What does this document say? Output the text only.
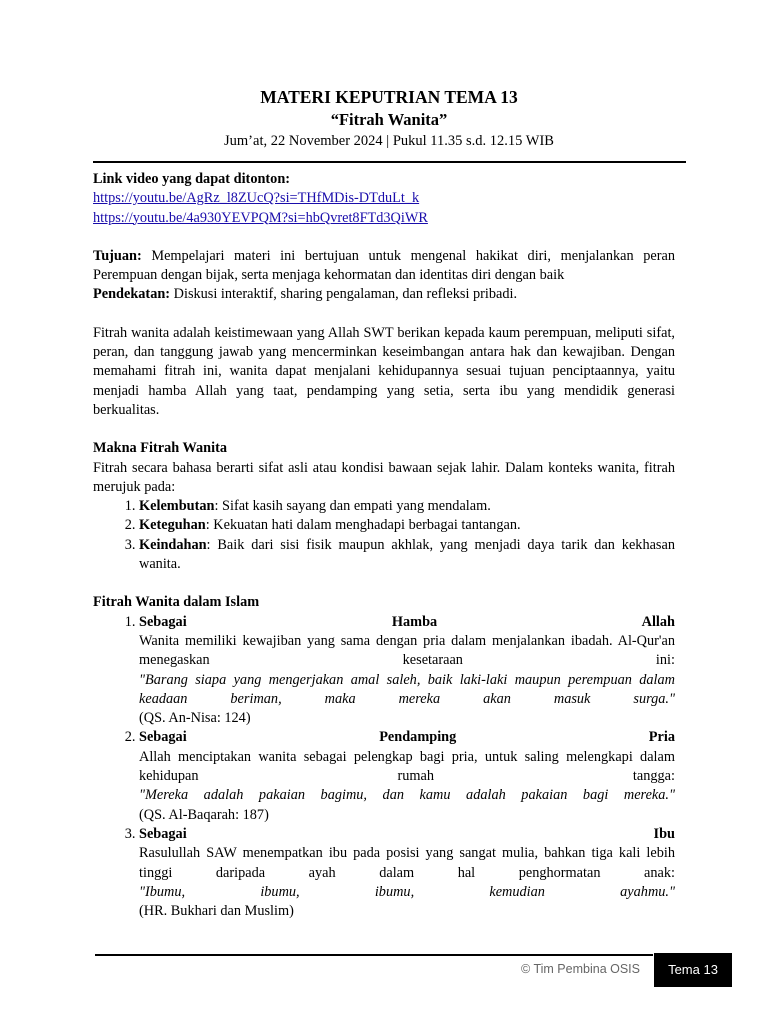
MATERI KEPUTRIAN TEMA 13
“Fitrah Wanita”
Jum’at, 22 November 2024 | Pukul 11.35 s.d. 12.15 WIB

Link video yang dapat ditonton:

https://youtu.be/AgRz_l8ZUcQ?si=THfMDis-DTduLt_k
https://youtu.be/4a930YEVPQM?si=hbQvret8FTd3QiWR

Tujuan: Mempelajari materi ini bertujuan untuk mengenal hakikat diri, menjalankan peran Perempuan dengan bijak, serta menjaga kehormatan dan identitas diri dengan baik

Pendekatan: Diskusi interaktif, sharing pengalaman, dan refleksi pribadi.

Fitrah wanita adalah keistimewaan yang Allah SWT berikan kepada kaum perempuan, meliputi sifat, peran, dan tanggung jawab yang mencerminkan keseimbangan antara hak dan kewajiban. Dengan memahami fitrah ini, wanita dapat menjalani kehidupannya sesuai tujuan penciptaannya, yaitu menjadi hamba Allah yang taat, pendamping yang setia, serta ibu yang mendidik generasi berkualitas.

Makna Fitrah Wanita

Fitrah secara bahasa berarti sifat asli atau kondisi bawaan sejak lahir. Dalam konteks wanita, fitrah merujuk pada:

1. Kelembutan: Sifat kasih sayang dan empati yang mendalam.
2. Keteguhan: Kekuatan hati dalam menghadapi berbagai tantangan.
3. Keindahan: Baik dari sisi fisik maupun akhlak, yang menjadi daya tarik dan kekhasan wanita.

Fitrah Wanita dalam Islam

1. Sebagai Hamba Allah
Wanita memiliki kewajiban yang sama dengan pria dalam menjalankan ibadah. Al-Qur'an menegaskan kesetaraan ini:
"Barang siapa yang mengerjakan amal saleh, baik laki-laki maupun perempuan dalam keadaan beriman, maka mereka akan masuk surga."
(QS. An-Nisa: 124)
2. Sebagai Pendamping Pria
Allah menciptakan wanita sebagai pelengkap bagi pria, untuk saling melengkapi dalam kehidupan rumah tangga:
"Mereka adalah pakaian bagimu, dan kamu adalah pakaian bagi mereka."
(QS. Al-Baqarah: 187)
3. Sebagai Ibu
Rasulullah SAW menempatkan ibu pada posisi yang sangat mulia, bahkan tiga kali lebih tinggi daripada ayah dalam hal penghormatan anak:
"Ibumu, ibumu, ibumu, kemudian ayahmu."
(HR. Bukhari dan Muslim)
© Tim Pembina OSIS	Tema 13
